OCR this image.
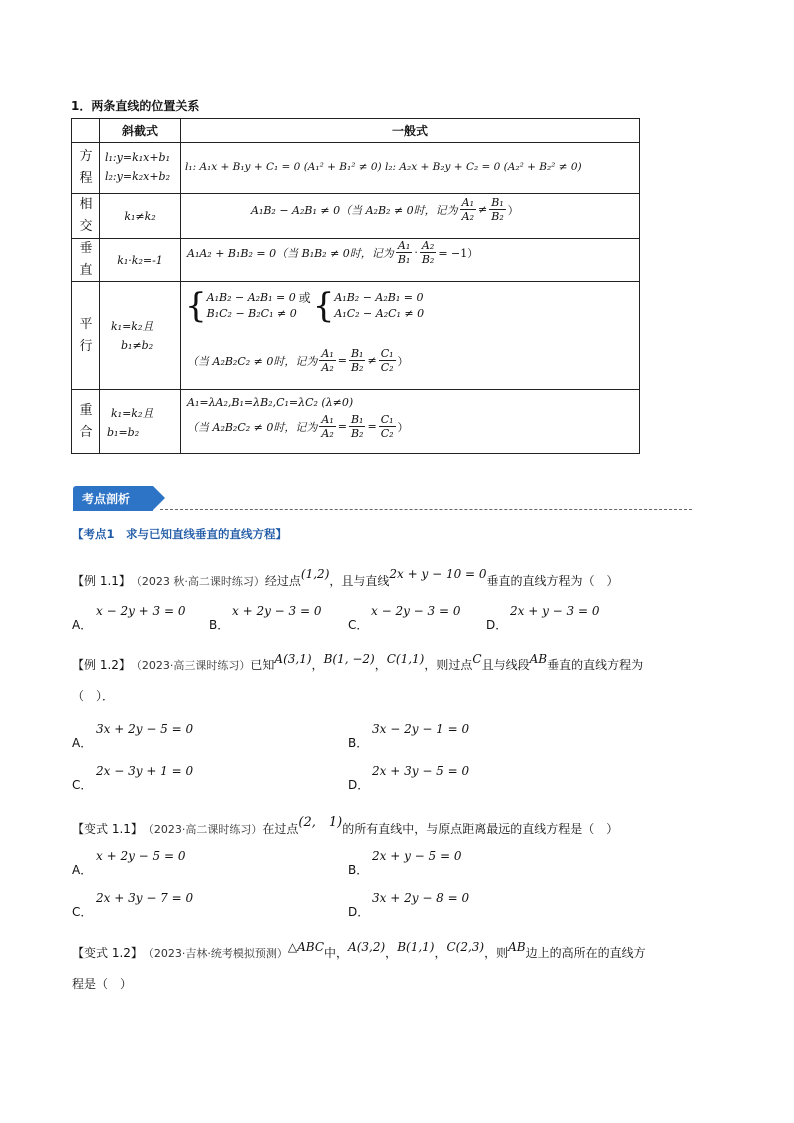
1．两条直线的位置关系
斜截式	一般式
方程
l₁:y=k₁x+b₁
l₂:y=k₂x+b₂
l₁: A₁x + B₁y + C₁ = 0 (A₁² + B₁² ≠ 0) l₂: A₂x + B₂y + C₂ = 0 (A₂² + B₂² ≠ 0)
相交
k₁≠k₂	A₁B₂ − A₂B₁ ≠ 0（当 A₂B₂ ≠ 0时，记为 $\frac{\text{A₁}}{\text{A₂}} \ne \frac{\text{B₁}}{\text{B₂}}$ ）
垂直
k₁·k₂=-1
A₁A₂ + B₁B₂ = 0（当 B₁B₂ ≠ 0时，记为 $\frac{\text{A₁}}{\text{B₁}} \cdot \frac{\text{A₂}}{\text{B₂}} = -1$）
平行
k₁=k₂且
b₁≠b₂
{ A₁B₂ − A₂B₁ = 0
B₁C₂ − B₂C₁ ≠ 0
或 { A₁B₂ − A₂B₁ = 0
A₁C₂ − A₂C₁ ≠ 0
（当 A₂B₂C₂ ≠ 0时，记为 $\frac{\text{A₁}}{\text{A₂}} = \frac{\text{B₁}}{\text{B₂}} \ne \frac{\text{C₁}}{\text{C₂}}$ ）
重合
k₁=k₂且
b₁=b₂
A₁=λA₂,B₁=λB₂,C₁=λC₂ (λ≠0)
（当 A₂B₂C₂ ≠ 0时，记为 $\frac{\text{A₁}}{\text{A₂}} = \frac{\text{B₁}}{\text{B₂}} = \frac{\text{C₁}}{\text{C₂}}$ ）
考点剖析
【考点1　求与已知直线垂直的直线方程】
【例 1.1】 （2023 秋·高二课时练习） 经过点 (1,2) ，且与直线 2x + y − 10 = 0 垂直的直线方程为（　）
A．
x − 2y + 3 = 0
B．
x + 2y − 3 = 0
C．
x − 2y − 3 = 0
D．
2x + y − 3 = 0
【例 1.2】 （2023·高三课时练习） 已知 A(3,1) ， B(1, −2) ， C(1,1) ，则过点 C 且与线段 AB 垂直的直线方程为
（　）．
A．
3x + 2y − 5 = 0
B．
3x − 2y − 1 = 0
C．
2x − 3y + 1 = 0
D．
2x + 3y − 5 = 0
【变式 1.1】 （2023·高二课时练习） 在过点 (2,　1) 的所有直线中，与原点距离最远的直线方程是（　）
A．
x + 2y − 5 = 0
B．
2x + y − 5 = 0
C．
2x + 3y − 7 = 0
D．
3x + 2y − 8 = 0
【变式 1.2】 （2023·吉林·统考模拟预测） △ABC 中， A(3,2) ， B(1,1) ， C(2,3) ，则 AB 边上的高所在的直线方
程是（　）
